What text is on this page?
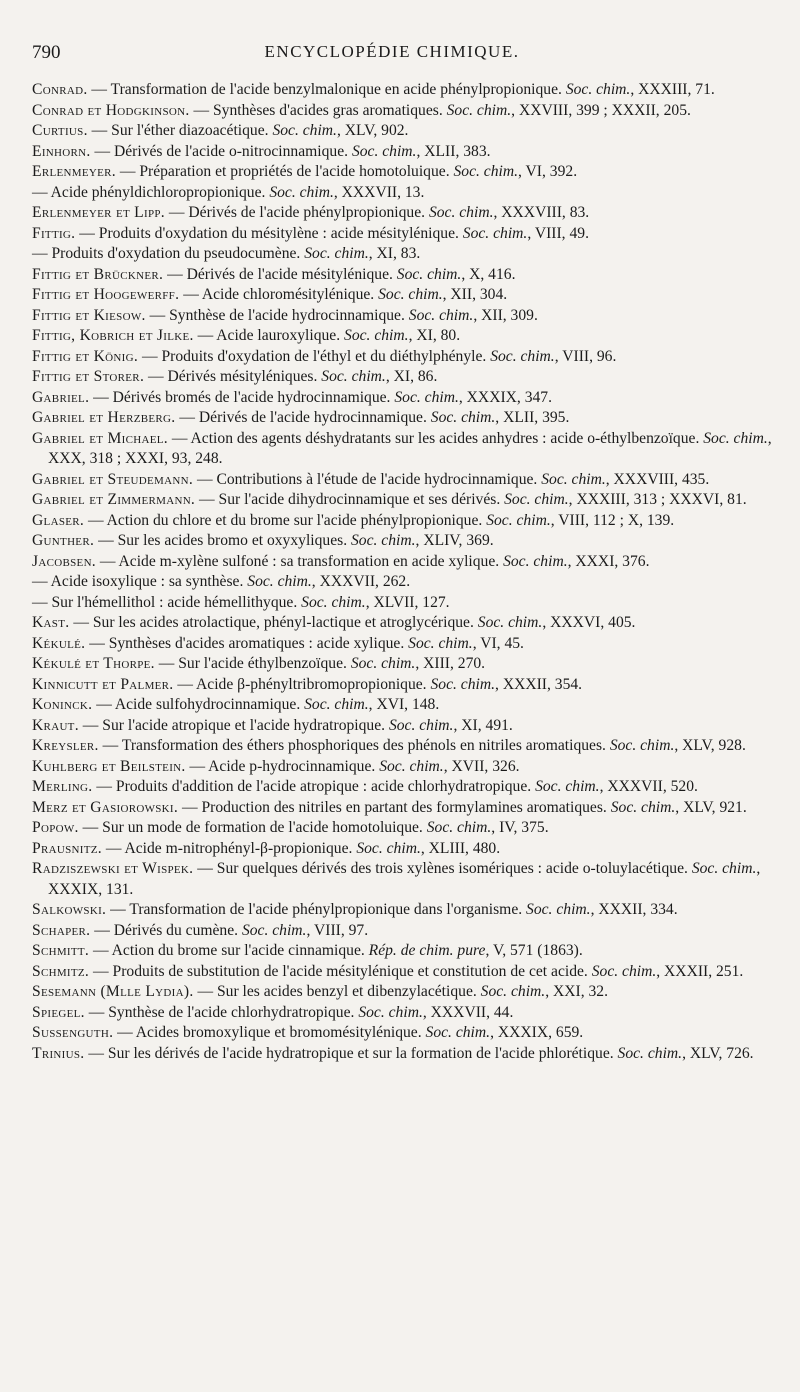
790	ENCYCLOPÉDIE CHIMIQUE.

Conrad. — Transformation de l'acide benzylmalonique en acide phénylpropionique. Soc. chim., XXXIII, 71.

Conrad et Hodgkinson. — Synthèses d'acides gras aromatiques. Soc. chim., XXVIII, 399 ; XXXII, 205.

Curtius. — Sur l'éther diazoacétique. Soc. chim., XLV, 902.

Einhorn. — Dérivés de l'acide o-nitrocinnamique. Soc. chim., XLII, 383.

Erlenmeyer. — Préparation et propriétés de l'acide homotoluique. Soc. chim., VI, 392.

— Acide phényldichloropropionique. Soc. chim., XXXVII, 13.

Erlenmeyer et Lipp. — Dérivés de l'acide phénylpropionique. Soc. chim., XXXVIII, 83.

Fittig. — Produits d'oxydation du mésitylène : acide mésitylénique. Soc. chim., VIII, 49.

— Produits d'oxydation du pseudocumène. Soc. chim., XI, 83.

Fittig et Brückner. — Dérivés de l'acide mésitylénique. Soc. chim., X, 416.

Fittig et Hoogewerff. — Acide chloromésitylénique. Soc. chim., XII, 304.

Fittig et Kiesow. — Synthèse de l'acide hydrocinnamique. Soc. chim., XII, 309.

Fittig, Kobrich et Jilke. — Acide lauroxylique. Soc. chim., XI, 80.

Fittig et König. — Produits d'oxydation de l'éthyl et du diéthylphényle. Soc. chim., VIII, 96.

Fittig et Storer. — Dérivés mésityléniques. Soc. chim., XI, 86.

Gabriel. — Dérivés bromés de l'acide hydrocinnamique. Soc. chim., XXXIX, 347.

Gabriel et Herzberg. — Dérivés de l'acide hydrocinnamique. Soc. chim., XLII, 395.

Gabriel et Michael. — Action des agents déshydratants sur les acides anhydres : acide o-éthylbenzoïque. Soc. chim., XXX, 318 ; XXXI, 93, 248.

Gabriel et Steudemann. — Contributions à l'étude de l'acide hydrocinnamique. Soc. chim., XXXVIII, 435.

Gabriel et Zimmermann. — Sur l'acide dihydrocinnamique et ses dérivés. Soc. chim., XXXIII, 313 ; XXXVI, 81.

Glaser. — Action du chlore et du brome sur l'acide phénylpropionique. Soc. chim., VIII, 112 ; X, 139.

Gunther. — Sur les acides bromo et oxyxyliques. Soc. chim., XLIV, 369.

Jacobsen. — Acide m-xylène sulfoné : sa transformation en acide xylique. Soc. chim., XXXI, 376.

— Acide isoxylique : sa synthèse. Soc. chim., XXXVII, 262.

— Sur l'hémellithol : acide hémellithyque. Soc. chim., XLVII, 127.

Kast. — Sur les acides atrolactique, phényl-lactique et atroglycérique. Soc. chim., XXXVI, 405.

Kékulé. — Synthèses d'acides aromatiques : acide xylique. Soc. chim., VI, 45.

Kékulé et Thorpe. — Sur l'acide éthylbenzoïque. Soc. chim., XIII, 270.

Kinnicutt et Palmer. — Acide β-phényltribromopropionique. Soc. chim., XXXII, 354.

Koninck. — Acide sulfohydrocinnamique. Soc. chim., XVI, 148.

Kraut. — Sur l'acide atropique et l'acide hydratropique. Soc. chim., XI, 491.

Kreysler. — Transformation des éthers phosphoriques des phénols en nitriles aromatiques. Soc. chim., XLV, 928.

Kuhlberg et Beilstein. — Acide p-hydrocinnamique. Soc. chim., XVII, 326.

Merling. — Produits d'addition de l'acide atropique : acide chlorhydratropique. Soc. chim., XXXVII, 520.

Merz et Gasiorowski. — Production des nitriles en partant des formylamines aromatiques. Soc. chim., XLV, 921.

Popow. — Sur un mode de formation de l'acide homotoluique. Soc. chim., IV, 375.

Prausnitz. — Acide m-nitrophényl-β-propionique. Soc. chim., XLIII, 480.

Radziszewski et Wispek. — Sur quelques dérivés des trois xylènes isomériques : acide o-toluylacétique. Soc. chim., XXXIX, 131.

Salkowski. — Transformation de l'acide phénylpropionique dans l'organisme. Soc. chim., XXXII, 334.

Schaper. — Dérivés du cumène. Soc. chim., VIII, 97.

Schmitt. — Action du brome sur l'acide cinnamique. Rép. de chim. pure, V, 571 (1863).

Schmitz. — Produits de substitution de l'acide mésitylénique et constitution de cet acide. Soc. chim., XXXII, 251.

Sesemann (Mlle Lydia). — Sur les acides benzyl et dibenzylacétique. Soc. chim., XXI, 32.

Spiegel. — Synthèse de l'acide chlorhydratropique. Soc. chim., XXXVII, 44.

Sussenguth. — Acides bromoxylique et bromomésitylénique. Soc. chim., XXXIX, 659.

Trinius. — Sur les dérivés de l'acide hydratropique et sur la formation de l'acide phlorétique. Soc. chim., XLV, 726.
